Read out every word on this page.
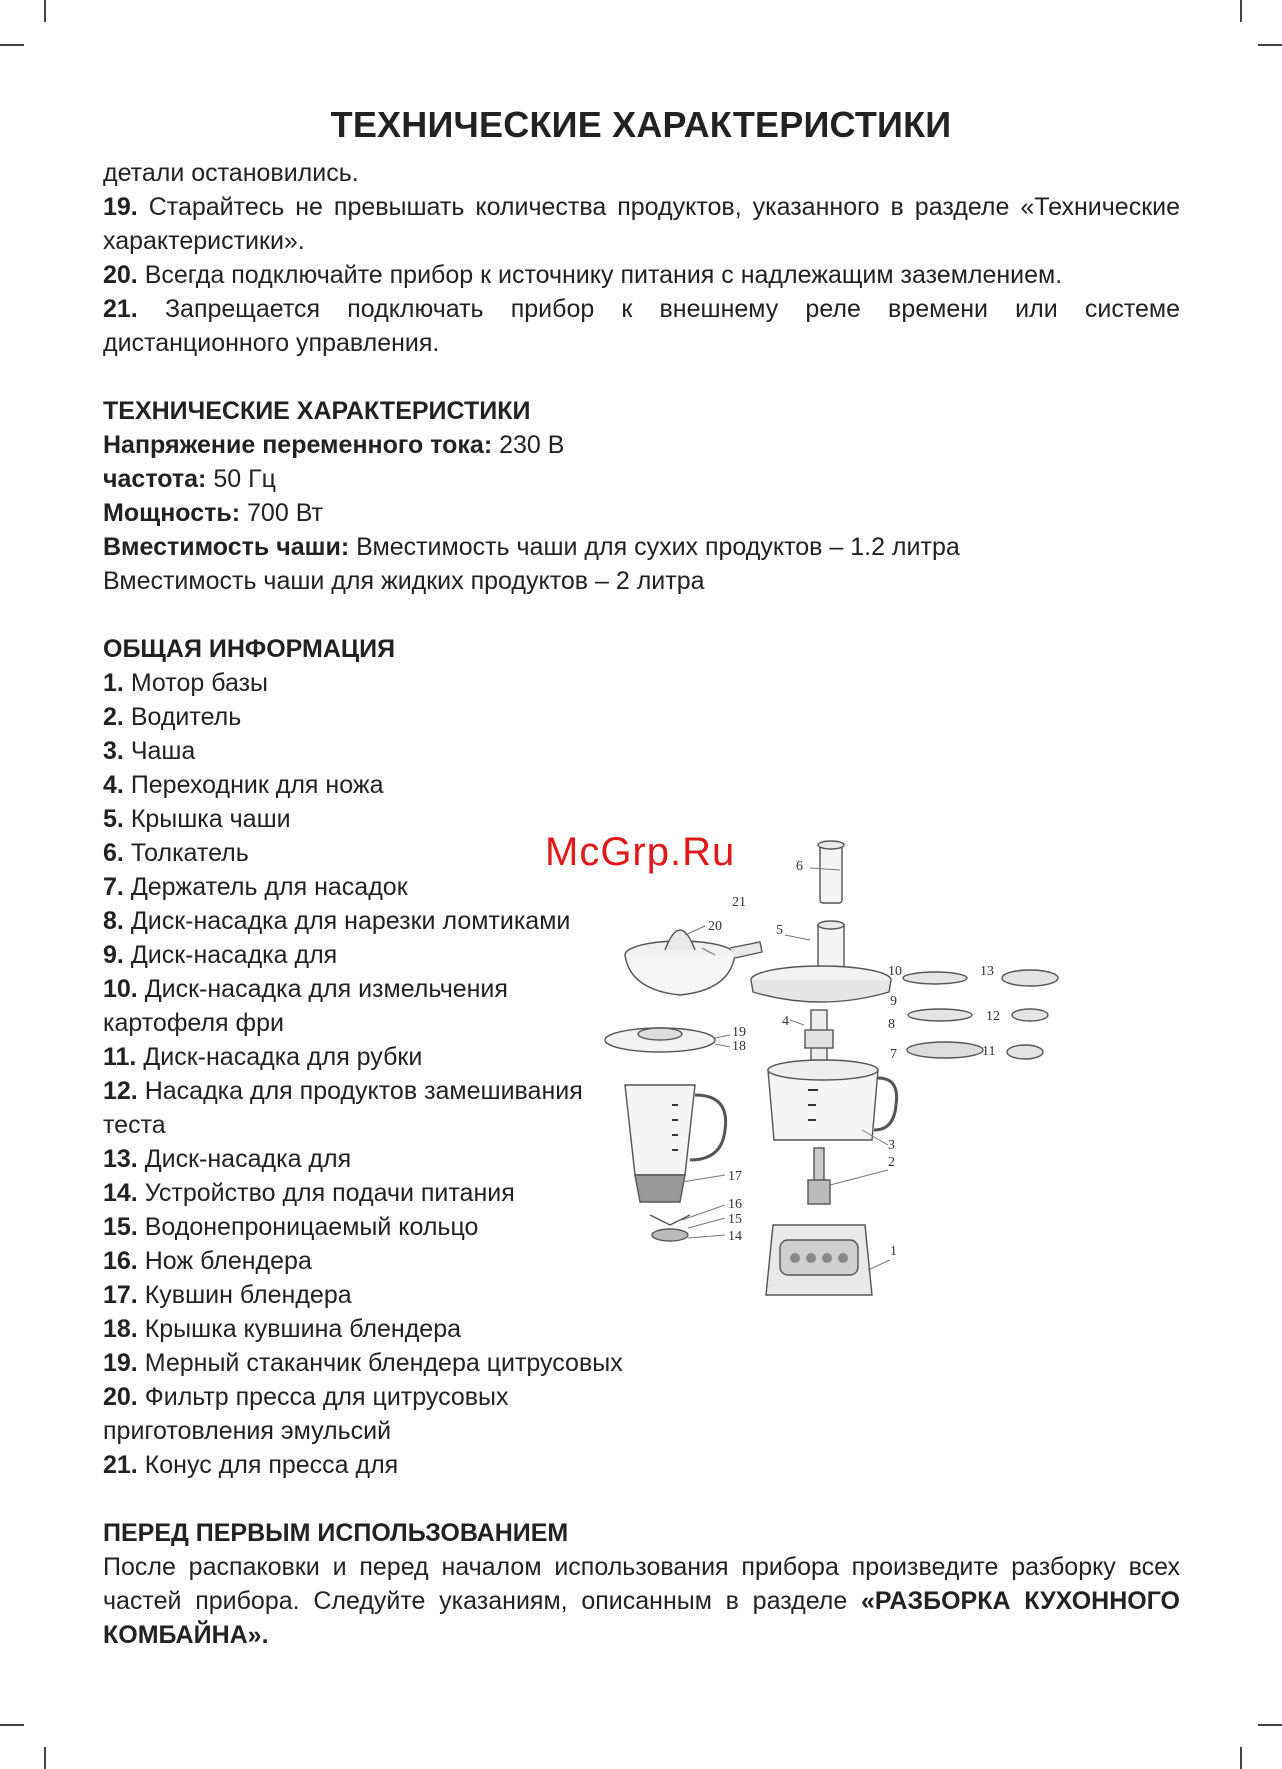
ТЕХНИЧЕСКИЕ ХАРАКТЕРИСТИКИ

детали остановились.

19. Старайтесь не превышать количества продуктов, указанного в разделе «Технические характеристики».

20. Всегда подключайте прибор к источнику питания с надлежащим заземлением.

21. Запрещается подключать прибор к внешнему реле времени или системе дистанционного управления.

ТЕХНИЧЕСКИЕ ХАРАКТЕРИСТИКИ

Напряжение переменного тока: 230 В

частота: 50 Гц

Мощность: 700 Вт

Вместимость чаши: Вместимость чаши для сухих продуктов – 1.2 литра

Вместимость чаши для жидких продуктов – 2 литра

ОБЩАЯ ИНФОРМАЦИЯ

1. Мотор базы

2. Водитель

3. Чаша

4. Переходник для ножа

5. Крышка чаши

6. Толкатель

7. Держатель для насадок

8. Диск-насадка для нарезки ломтиками

9. Диск-насадка для

10. Диск-насадка для измельчения

картофеля фри

11. Диск-насадка для рубки

12. Насадка для продуктов замешивания

теста

13. Диск-насадка для

14. Устройство для подачи питания

15. Водонепроницаемый кольцо

16. Нож блендера

17. Кувшин блендера

18. Крышка кувшина блендера

19. Мерный стаканчик блендера цитрусовых

20. Фильтр пресса для цитрусовых

приготовления эмульсий

21. Конус для пресса для

ПЕРЕД ПЕРВЫМ ИСПОЛЬЗОВАНИЕМ

После распаковки и перед началом использования прибора произведите разборку всех частей прибора. Следуйте указаниям, описанным в разделе «РАЗБОРКА КУХОННОГО КОМБАЙНА».

McGrp.Ru
1
2
3
4
5
6
7
8
9
10
11
12
13
14
15
16
17
18
19
20
21
